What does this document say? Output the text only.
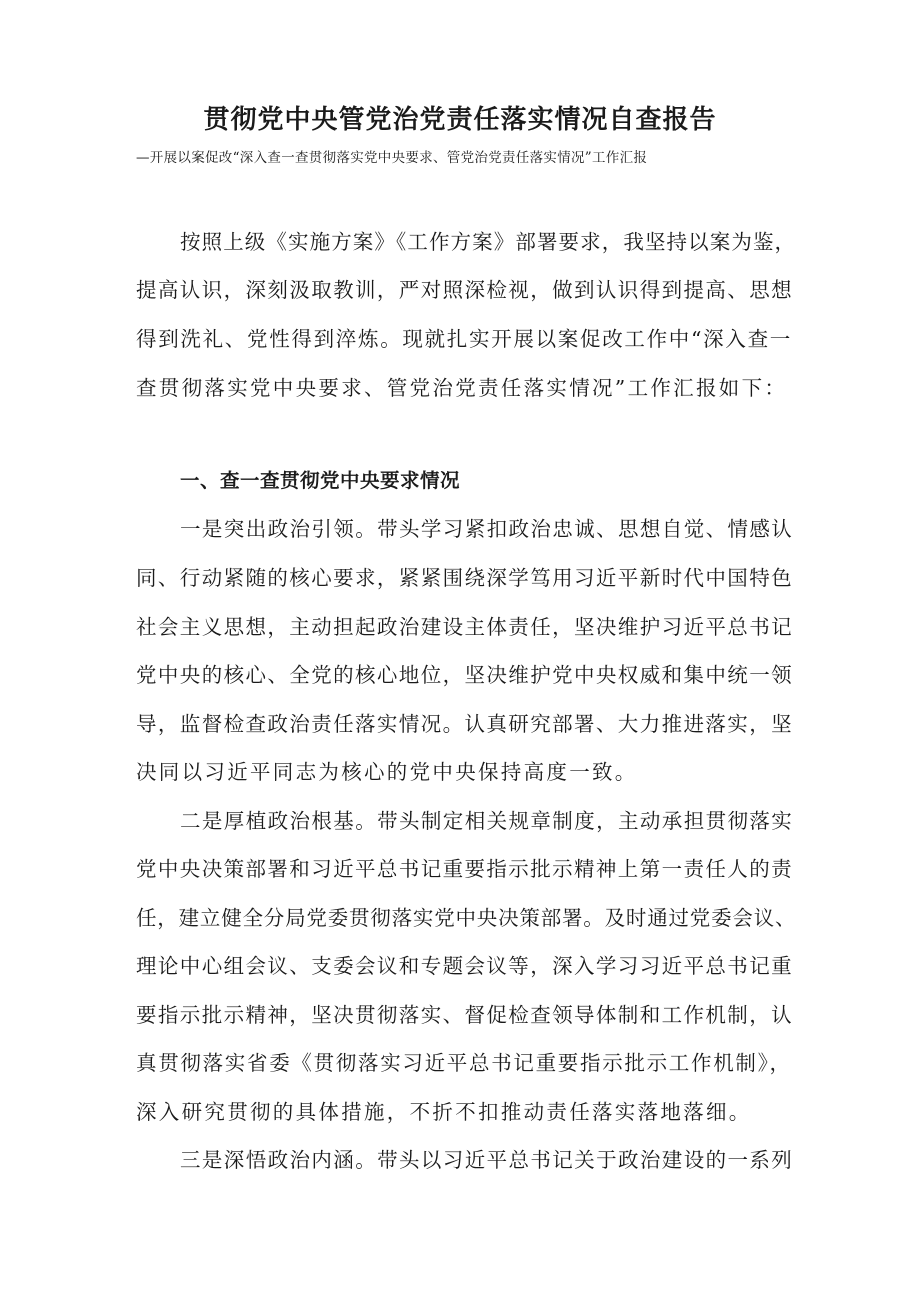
贯彻党中央管党治党责任落实情况自查报告
—开展以案促改“深入查一查贯彻落实党中央要求、管党治党责任落实情况”工作汇报
按照上级《实施方案》《工作方案》部署要求，我坚持以案为鉴，
提高认识，深刻汲取教训，严对照深检视，做到认识得到提高、思想
得到洗礼、党性得到淬炼。现就扎实开展以案促改工作中“深入查一
查贯彻落实党中央要求、管党治党责任落实情况”工作汇报如下：
一、查一查贯彻党中央要求情况
一是突出政治引领。带头学习紧扣政治忠诚、思想自觉、情感认
同、行动紧随的核心要求，紧紧围绕深学笃用习近平新时代中国特色
社会主义思想，主动担起政治建设主体责任，坚决维护习近平总书记
党中央的核心、全党的核心地位，坚决维护党中央权威和集中统一领
导，监督检查政治责任落实情况。认真研究部署、大力推进落实，坚
决同以习近平同志为核心的党中央保持高度一致。
二是厚植政治根基。带头制定相关规章制度，主动承担贯彻落实
党中央决策部署和习近平总书记重要指示批示精神上第一责任人的责
任，建立健全分局党委贯彻落实党中央决策部署。及时通过党委会议、
理论中心组会议、支委会议和专题会议等，深入学习习近平总书记重
要指示批示精神，坚决贯彻落实、督促检查领导体制和工作机制，认
真贯彻落实省委《贯彻落实习近平总书记重要指示批示工作机制》，
深入研究贯彻的具体措施，不折不扣推动责任落实落地落细。
三是深悟政治内涵。带头以习近平总书记关于政治建设的一系列
